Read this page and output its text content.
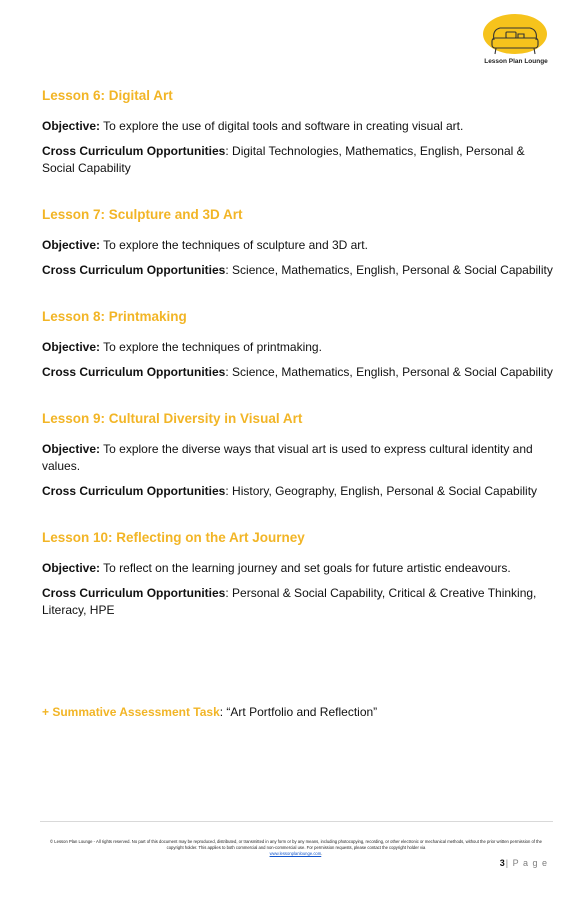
Lesson Plan Lounge
Lesson 6: Digital Art

Objective: To explore the use of digital tools and software in creating visual art.

Cross Curriculum Opportunities: Digital Technologies, Mathematics, English, Personal & Social Capability

Lesson 7: Sculpture and 3D Art

Objective: To explore the techniques of sculpture and 3D art.

Cross Curriculum Opportunities: Science, Mathematics, English, Personal & Social Capability

Lesson 8: Printmaking

Objective: To explore the techniques of printmaking.

Cross Curriculum Opportunities: Science, Mathematics, English, Personal & Social Capability

Lesson 9: Cultural Diversity in Visual Art

Objective: To explore the diverse ways that visual art is used to express cultural identity and values.

Cross Curriculum Opportunities: History, Geography, English, Personal & Social Capability

Lesson 10: Reflecting on the Art Journey

Objective: To reflect on the learning journey and set goals for future artistic endeavours.

Cross Curriculum Opportunities: Personal & Social Capability, Critical & Creative Thinking, Literacy, HPE

+ Summative Assessment Task: “Art Portfolio and Reflection”
© Lesson Plan Lounge - All rights reserved. No part of this document may be reproduced, distributed, or transmitted in any form or by any means, including photocopying, recording, or other electronic or mechanical methods, without the prior written permission of the copyright holder. This applies to both commercial and non-commercial use. For permission requests, please contact the copyright holder via
www.lessonplanlounge.com.
3| P a g e
